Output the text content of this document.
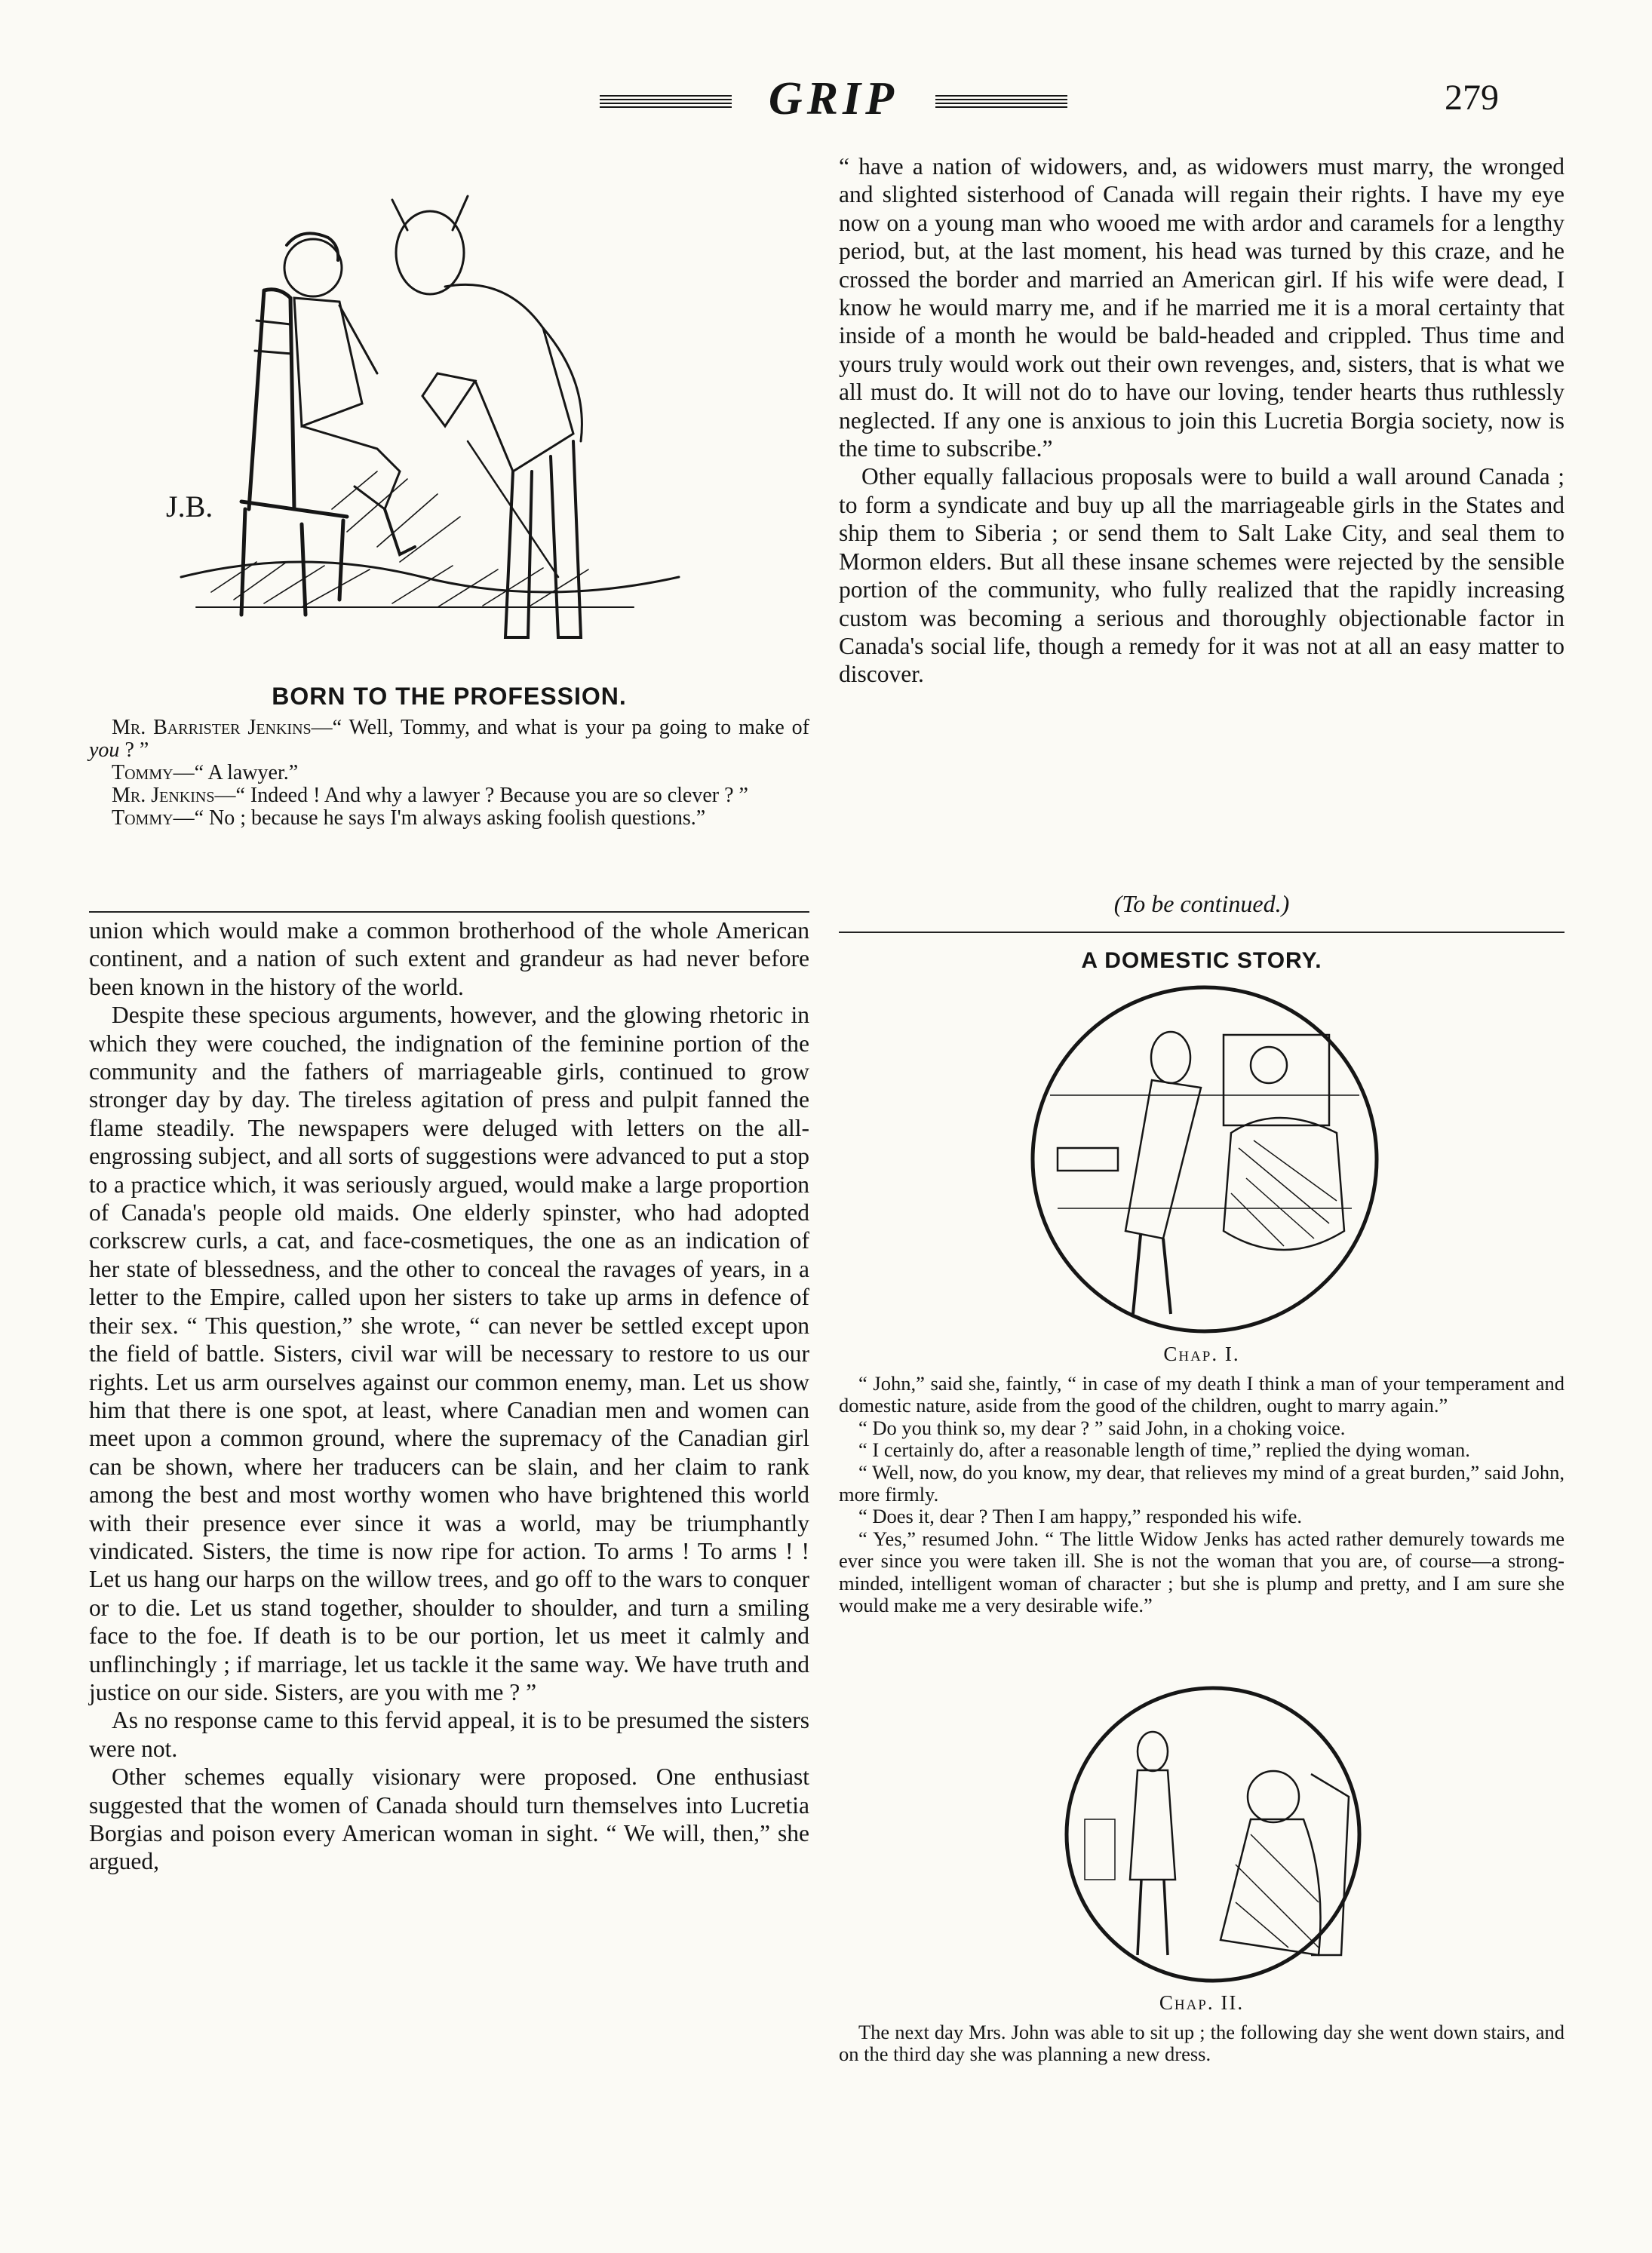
GRIP	279
J.B.
BORN TO THE PROFESSION.

Mr. Barrister Jenkins—“ Well, Tommy, and what is your pa going to make of you ? ”

Tommy—“ A lawyer.”

Mr. Jenkins—“ Indeed ! And why a lawyer ? Because you are so clever ? ”

Tommy—“ No ; because he says I'm always asking foolish questions.”

union which would make a common brotherhood of the whole American continent, and a nation of such extent and grandeur as had never before been known in the history of the world.

Despite these specious arguments, however, and the glowing rhetoric in which they were couched, the indignation of the feminine portion of the community and the fathers of marriageable girls, continued to grow stronger day by day. The tireless agitation of press and pulpit fanned the flame steadily. The newspapers were deluged with letters on the all-engrossing subject, and all sorts of suggestions were advanced to put a stop to a practice which, it was seriously argued, would make a large proportion of Canada's people old maids. One elderly spinster, who had adopted corkscrew curls, a cat, and face-cosmetiques, the one as an indication of her state of blessedness, and the other to conceal the ravages of years, in a letter to the Empire, called upon her sisters to take up arms in defence of their sex. “ This question,” she wrote, “ can never be settled except upon the field of battle. Sisters, civil war will be necessary to restore to us our rights. Let us arm ourselves against our common enemy, man. Let us show him that there is one spot, at least, where Canadian men and women can meet upon a common ground, where the supremacy of the Canadian girl can be shown, where her traducers can be slain, and her claim to rank among the best and most worthy women who have brightened this world with their presence ever since it was a world, may be triumphantly vindicated. Sisters, the time is now ripe for action. To arms ! To arms ! ! Let us hang our harps on the willow trees, and go off to the wars to conquer or to die. Let us stand together, shoulder to shoulder, and turn a smiling face to the foe. If death is to be our portion, let us meet it calmly and unflinchingly ; if marriage, let us tackle it the same way. We have truth and justice on our side. Sisters, are you with me ? ”

As no response came to this fervid appeal, it is to be presumed the sisters were not.

Other schemes equally visionary were proposed. One enthusiast suggested that the women of Canada should turn themselves into Lucretia Borgias and poison every American woman in sight. “ We will, then,” she argued,

“ have a nation of widowers, and, as widowers must marry, the wronged and slighted sisterhood of Canada will regain their rights. I have my eye now on a young man who wooed me with ardor and caramels for a lengthy period, but, at the last moment, his head was turned by this craze, and he crossed the border and married an American girl. If his wife were dead, I know he would marry me, and if he married me it is a moral certainty that inside of a month he would be bald-headed and crippled. Thus time and yours truly would work out their own revenges, and, sisters, that is what we all must do. It will not do to have our loving, tender hearts thus ruthlessly neglected. If any one is anxious to join this Lucretia Borgia society, now is the time to subscribe.”

Other equally fallacious proposals were to build a wall around Canada ; to form a syndicate and buy up all the marriageable girls in the States and ship them to Siberia ; or send them to Salt Lake City, and seal them to Mormon elders. But all these insane schemes were rejected by the sensible portion of the community, who fully realized that the rapidly increasing custom was becoming a serious and thoroughly objectionable factor in Canada's social life, though a remedy for it was not at all an easy matter to discover.

(To be continued.)
A DOMESTIC STORY.
Chap. I.

“ John,” said she, faintly, “ in case of my death I think a man of your temperament and domestic nature, aside from the good of the children, ought to marry again.”

“ Do you think so, my dear ? ” said John, in a choking voice.

“ I certainly do, after a reasonable length of time,” replied the dying woman.

“ Well, now, do you know, my dear, that relieves my mind of a great burden,” said John, more firmly.

“ Does it, dear ? Then I am happy,” responded his wife.

“ Yes,” resumed John. “ The little Widow Jenks has acted rather demurely towards me ever since you were taken ill. She is not the woman that you are, of course—a strong-minded, intelligent woman of character ; but she is plump and pretty, and I am sure she would make me a very desirable wife.”

Chap. II.

The next day Mrs. John was able to sit up ; the following day she went down stairs, and on the third day she was planning a new dress.
